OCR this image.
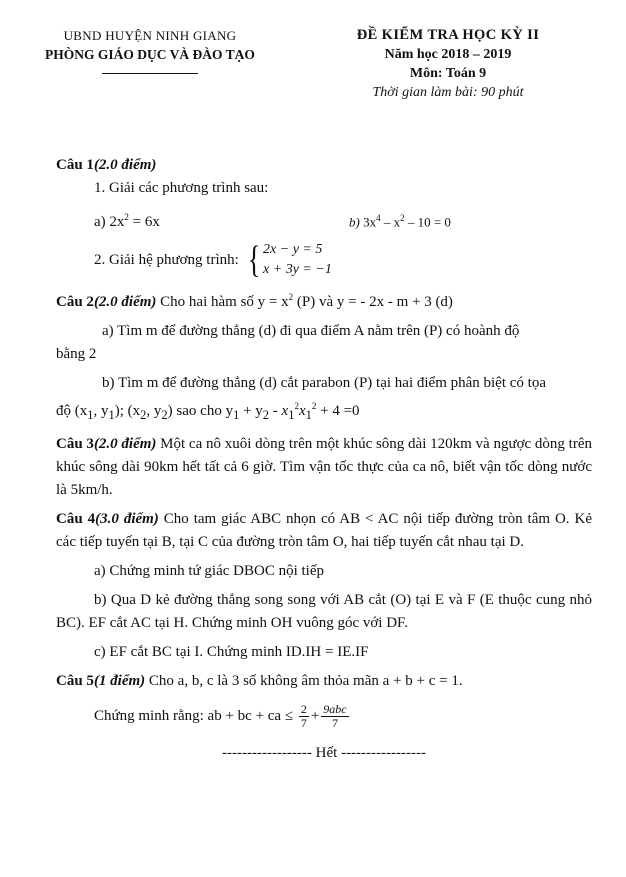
UBND HUYỆN NINH GIANG
PHÒNG GIÁO DỤC VÀ ĐÀO TẠO
ĐỀ KIỂM TRA HỌC KỲ II
Năm học 2018 – 2019
Môn: Toán 9
Thời gian làm bài: 90 phút

Câu 1(2.0 điểm)

1. Giải các phương trình sau:

a) $2x^2 = 6x$	b) $3x^4 - x^2 - 10 = 0$
2. Giải hệ phương trình: { 2x − y = 5
x + 3y = −1

Câu 2(2.0 điểm) Cho hai hàm số $y = x^2$ (P) và y = - 2x - m + 3 (d)

a) Tìm m để đường thẳng (d) đi qua điểm A nằm trên (P) có hoành độ

bằng 2

b) Tìm m để đường thẳng (d) cắt parabon (P) tại hai điểm phân biệt có tọa

độ ($x_1$, $y_1$); ($x_2$, $y_2$) sao cho $y_1 + y_2 - x_1^2x_1^2 + 4 =0$

Câu 3(2.0 điểm) Một ca nô xuôi dòng trên một khúc sông dài 120km và ngược dòng trên khúc sông dài 90km hết tất cả 6 giờ. Tìm vận tốc thực của ca nô, biết vận tốc dòng nước là 5km/h.

Câu 4(3.0 điểm) Cho tam giác ABC nhọn có AB < AC nội tiếp đường tròn tâm O. Kẻ các tiếp tuyến tại B, tại C của đường tròn tâm O, hai tiếp tuyến cắt nhau tại D.

a) Chứng minh tứ giác DBOC nội tiếp

b) Qua D kẻ đường thẳng song song với AB cắt (O) tại E và F (E thuộc cung nhỏ BC). EF cắt AC tại H. Chứng minh OH vuông góc với DF.

c) EF cắt BC tại I. Chứng minh ID.IH = IE.IF

Câu 5(1 điểm) Cho a, b, c là 3 số không âm thỏa mãn a + b + c = 1.

Chứng minh rằng: ab + bc + ca ≤ $\frac{2}{7} + \frac{\text{9abc}}{7}$

------------------ Hết -----------------
